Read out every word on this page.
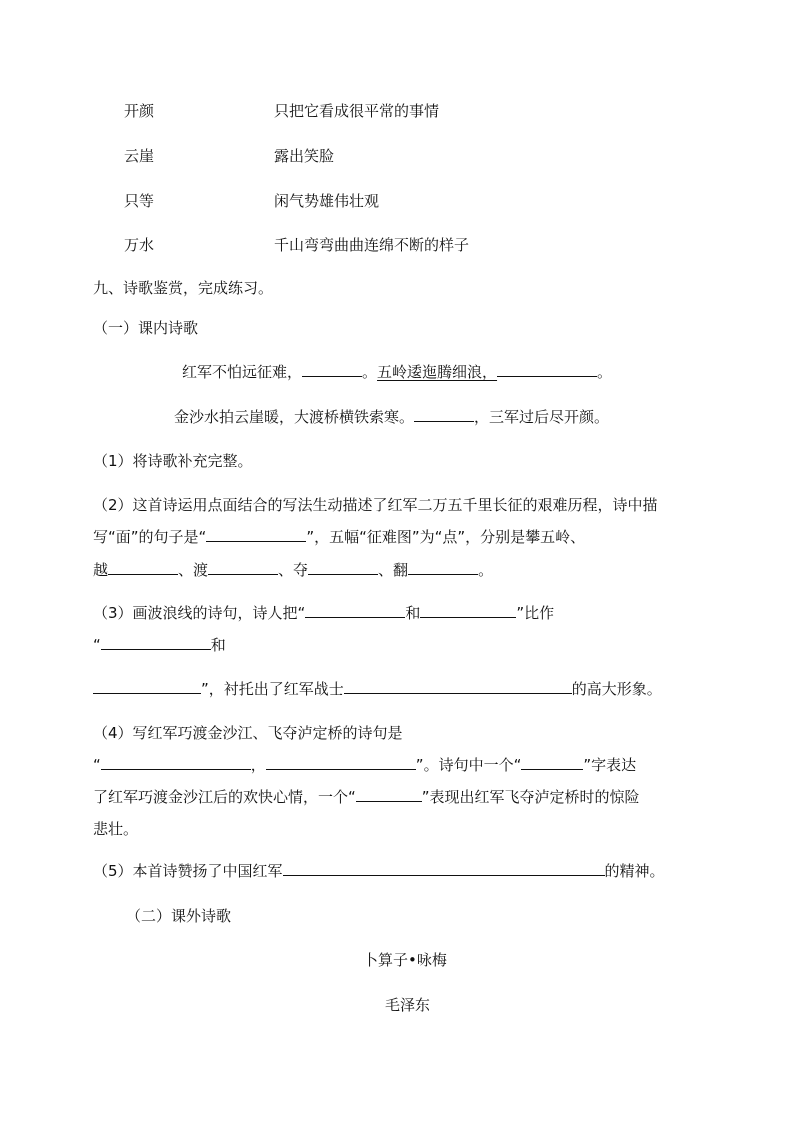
开颜	只把它看成很平常的事情
云崖	露出笑脸
只等	闲气势雄伟壮观
万水	千山弯弯曲曲连绵不断的样子
九、诗歌鉴赏，完成练习。
（一）课内诗歌
红军不怕远征难，	。五岭逶迤腾细浪，	。
金沙水拍云崖暖，大渡桥横铁索寒。	，三军过后尽开颜。
（1）将诗歌补充完整。
（2）这首诗运用点面结合的写法生动描述了红军二万五千里长征的艰难历程，诗中描
写“面”的句子是“	”，五幅“征难图”为“点”，分别是攀五岭、
越	、渡	、夺	、翻	。
（3）画波浪线的诗句，诗人把“	和	”比作
“	和
”，衬托出了红军战士	的高大形象。
（4）写红军巧渡金沙江、飞夺泸定桥的诗句是
“	，	”。诗句中一个“	”字表达
了红军巧渡金沙江后的欢快心情，一个“	”表现出红军飞夺泸定桥时的惊险
悲壮。
（5）本首诗赞扬了中国红军	的精神。
（二）课外诗歌
卜算子•咏梅
毛泽东
